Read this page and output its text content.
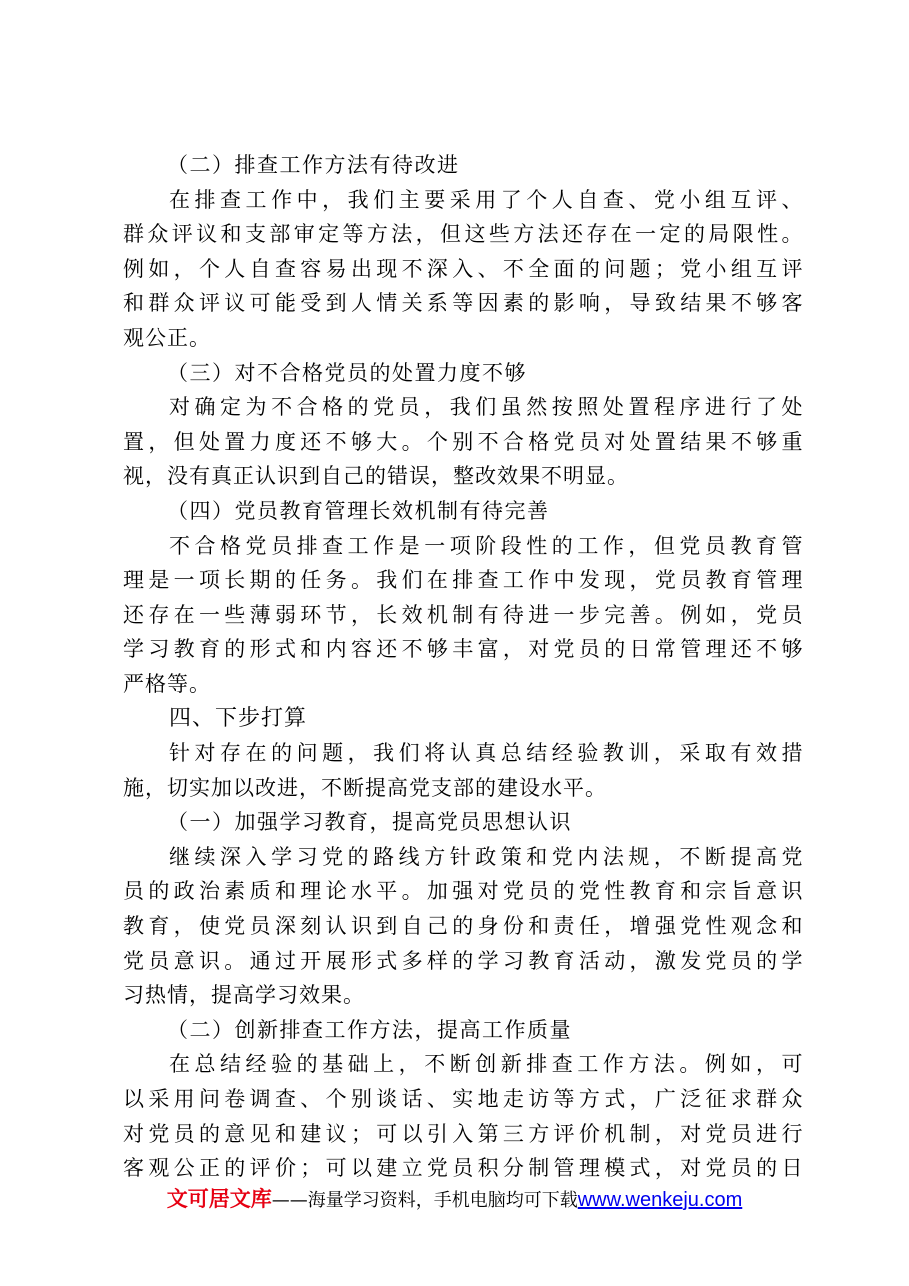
（二）排查工作方法有待改进
在排查工作中，我们主要采用了个人自查、党小组互评、
群众评议和支部审定等方法，但这些方法还存在一定的局限性。
例如，个人自查容易出现不深入、不全面的问题；党小组互评
和群众评议可能受到人情关系等因素的影响，导致结果不够客
观公正。
（三）对不合格党员的处置力度不够
对确定为不合格的党员，我们虽然按照处置程序进行了处
置，但处置力度还不够大。个别不合格党员对处置结果不够重
视，没有真正认识到自己的错误，整改效果不明显。
（四）党员教育管理长效机制有待完善
不合格党员排查工作是一项阶段性的工作，但党员教育管
理是一项长期的任务。我们在排查工作中发现，党员教育管理
还存在一些薄弱环节，长效机制有待进一步完善。例如，党员
学习教育的形式和内容还不够丰富，对党员的日常管理还不够
严格等。
四、下步打算
针对存在的问题，我们将认真总结经验教训，采取有效措
施，切实加以改进，不断提高党支部的建设水平。
（一）加强学习教育，提高党员思想认识
继续深入学习党的路线方针政策和党内法规，不断提高党
员的政治素质和理论水平。加强对党员的党性教育和宗旨意识
教育，使党员深刻认识到自己的身份和责任，增强党性观念和
党员意识。通过开展形式多样的学习教育活动，激发党员的学
习热情，提高学习效果。
（二）创新排查工作方法，提高工作质量
在总结经验的基础上，不断创新排查工作方法。例如，可
以采用问卷调查、个别谈话、实地走访等方式，广泛征求群众
对党员的意见和建议；可以引入第三方评价机制，对党员进行
客观公正的评价；可以建立党员积分制管理模式，对党员的日
文可居文库——海量学习资料，手机电脑均可下载www.wenkeju.com
